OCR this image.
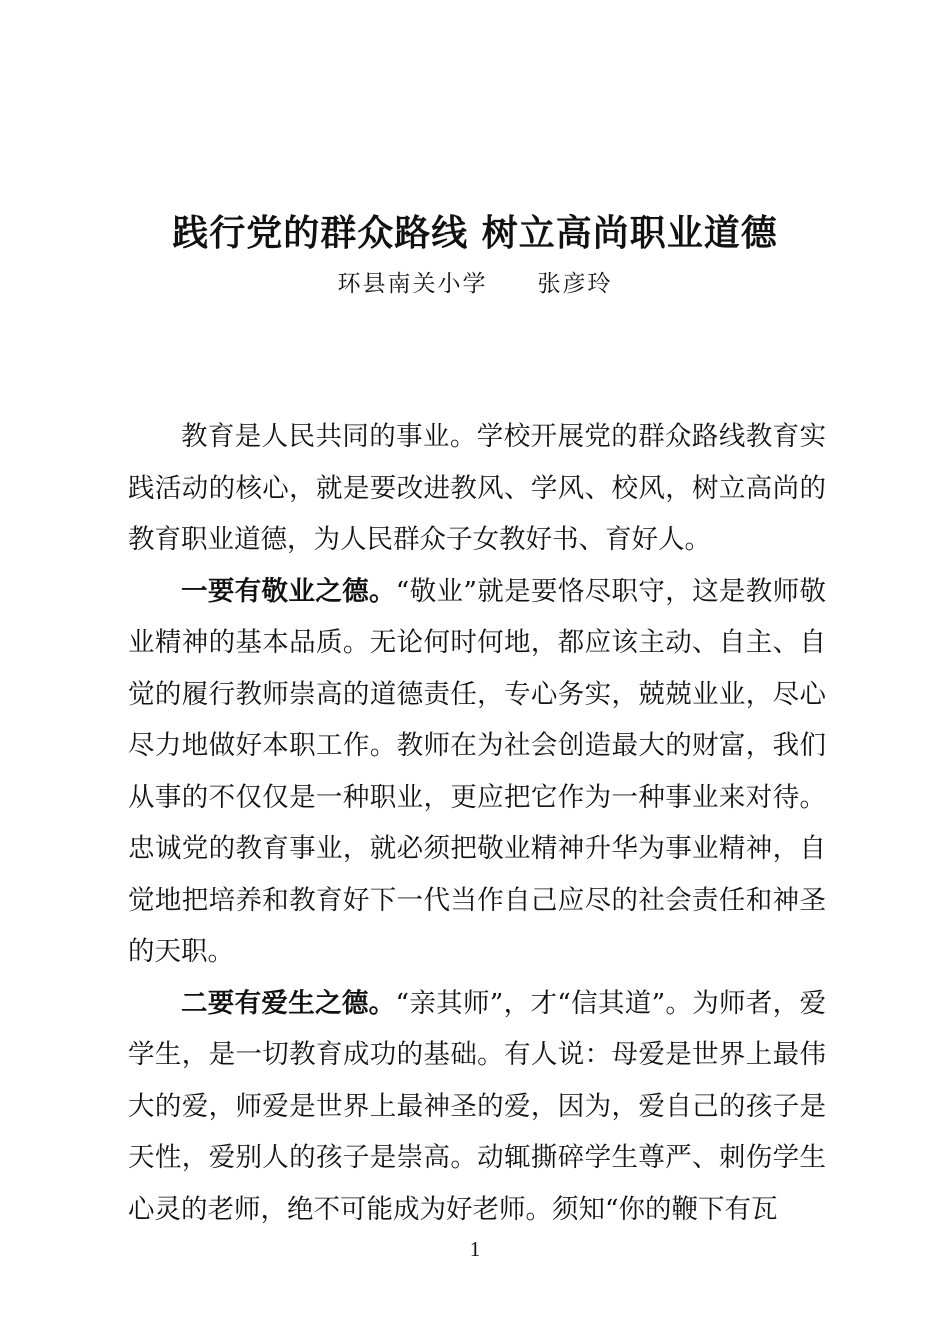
践行党的群众路线 树立高尚职业道德
环县南关小学　　张彦玲

教育是人民共同的事业。学校开展党的群众路线教育实践活动的核心，就是要改进教风、学风、校风，树立高尚的教育职业道德，为人民群众子女教好书、育好人。

一要有敬业之德。“敬业”就是要恪尽职守，这是教师敬业精神的基本品质。无论何时何地，都应该主动、自主、自觉的履行教师崇高的道德责任，专心务实，兢兢业业，尽心尽力地做好本职工作。教师在为社会创造最大的财富，我们从事的不仅仅是一种职业，更应把它作为一种事业来对待。忠诚党的教育事业，就必须把敬业精神升华为事业精神，自觉地把培养和教育好下一代当作自己应尽的社会责任和神圣的天职。

二要有爱生之德。“亲其师”，才“信其道”。为师者，爱学生，是一切教育成功的基础。有人说：母爱是世界上最伟大的爱，师爱是世界上最神圣的爱，因为，爱自己的孩子是天性，爱别人的孩子是崇高。动辄撕碎学生尊严、刺伤学生心灵的老师，绝不可能成为好老师。须知“你的鞭下有瓦

1
